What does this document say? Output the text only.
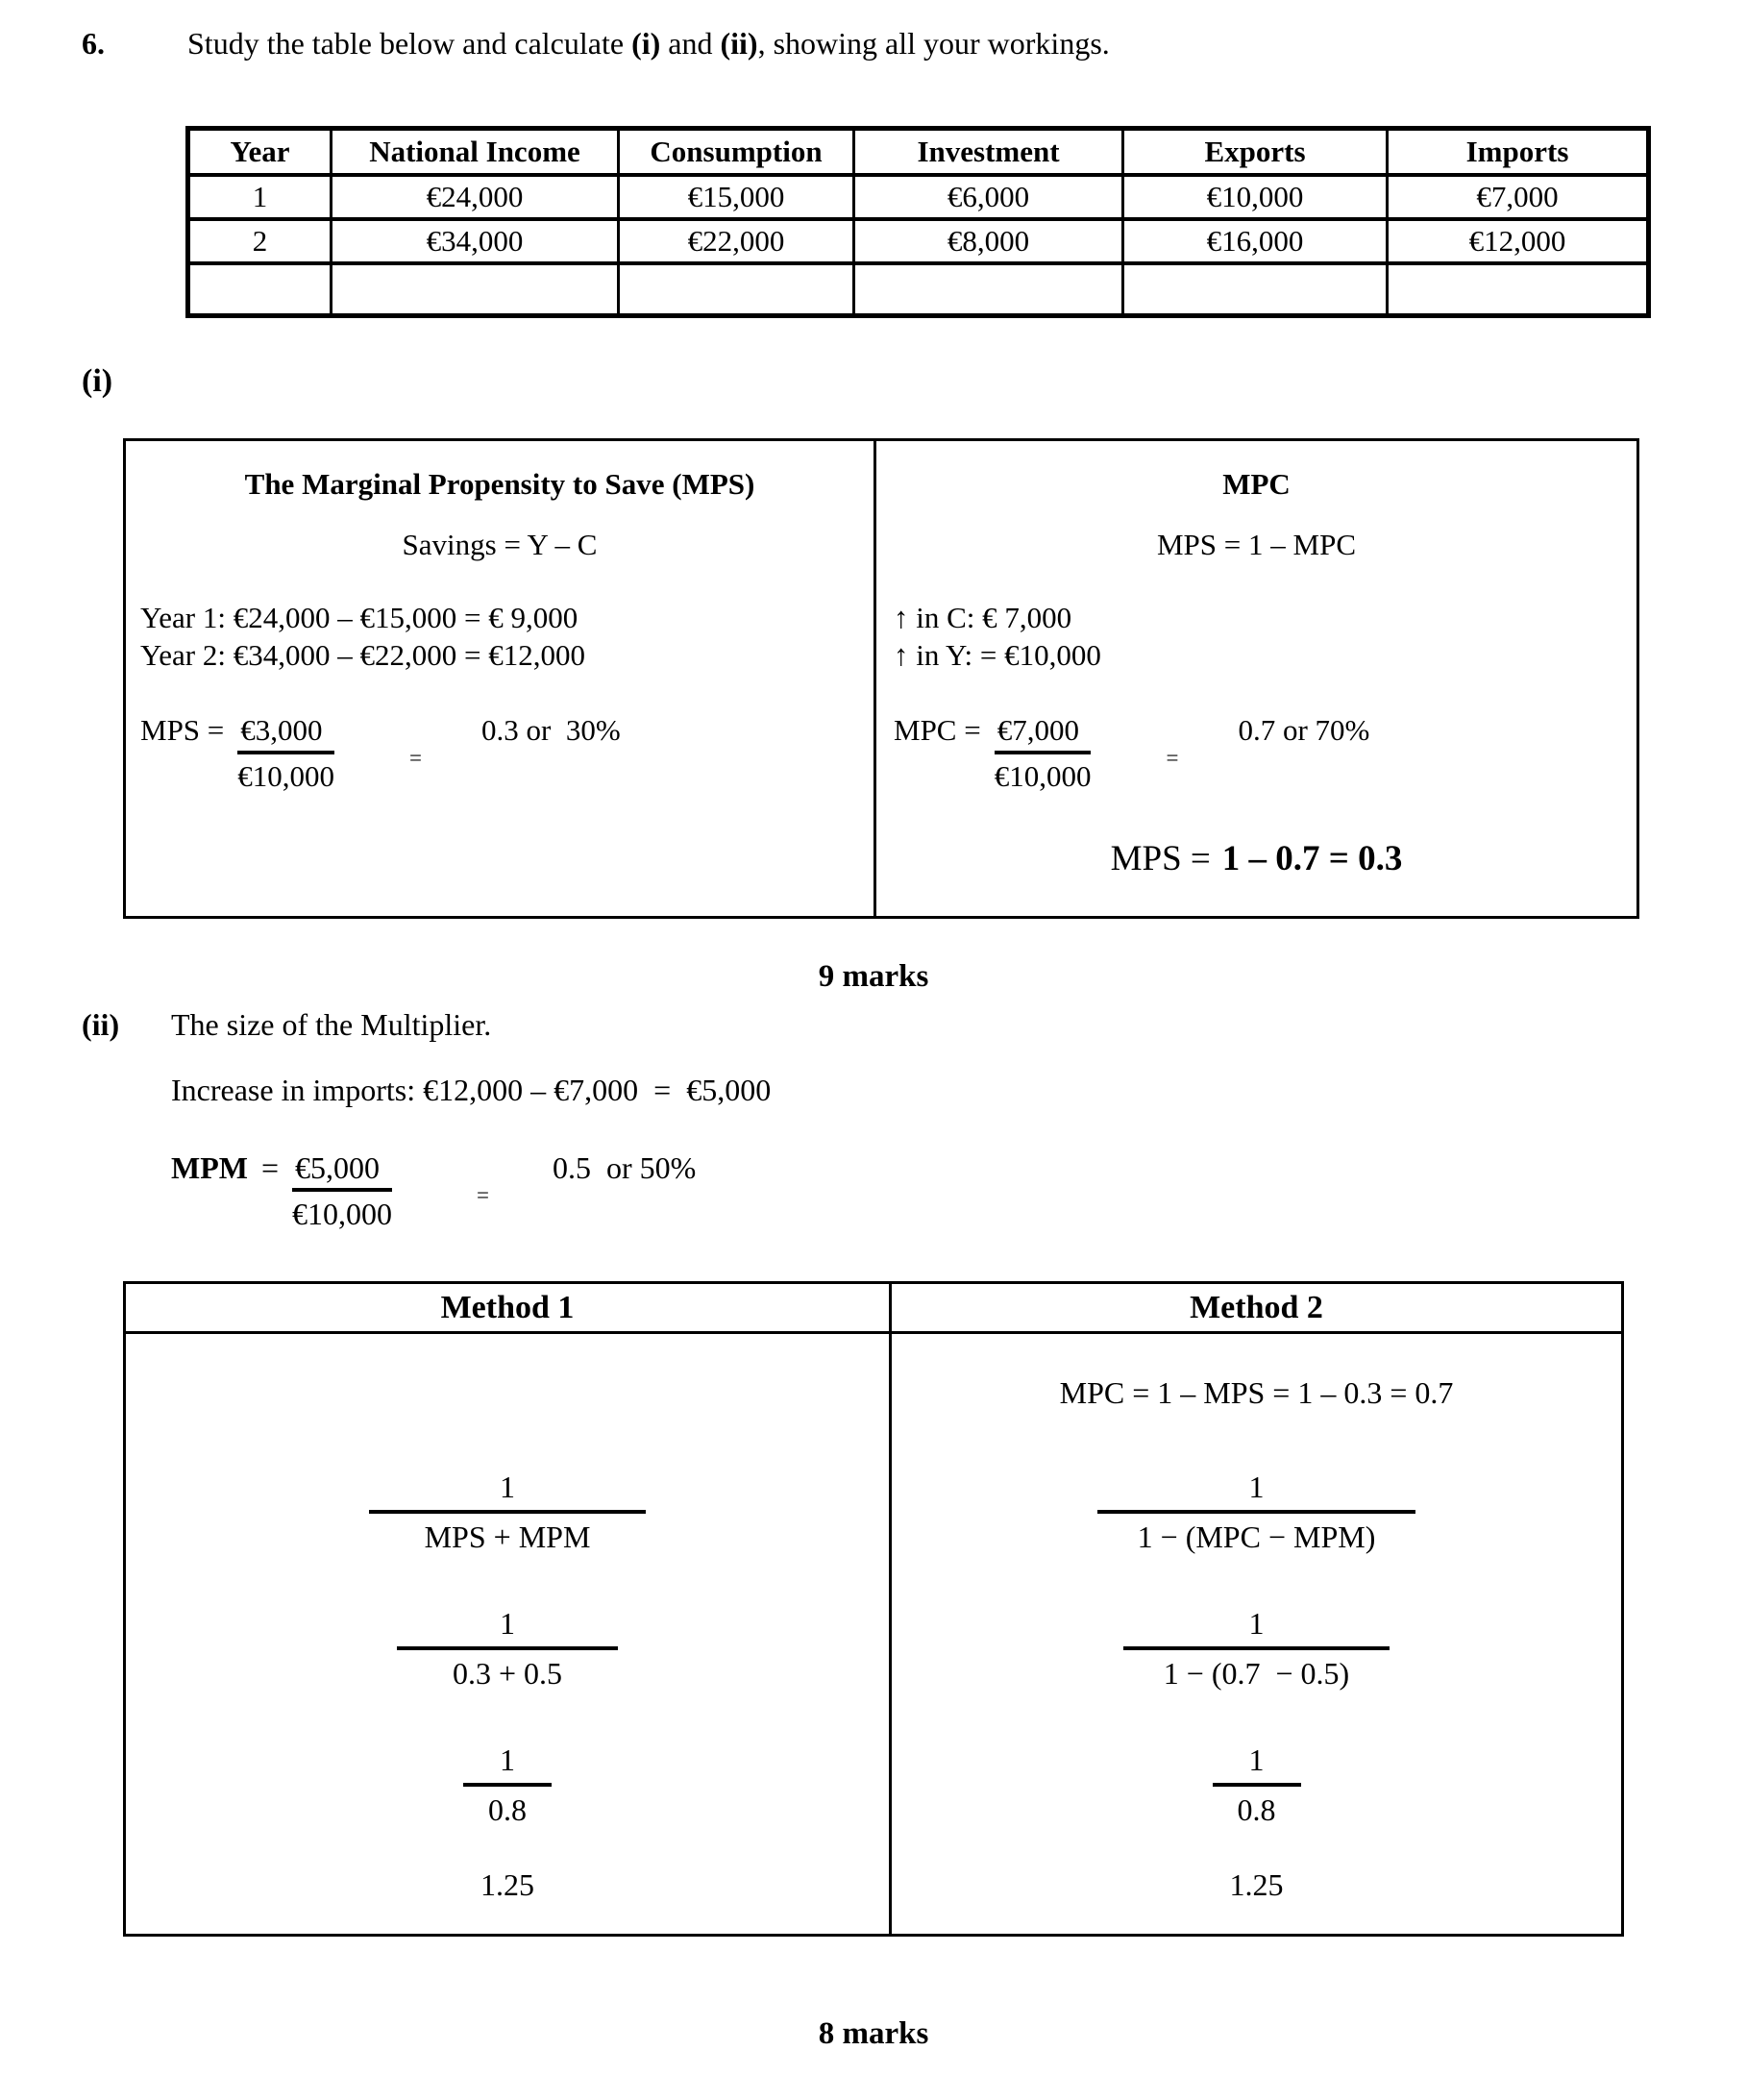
6.	Study the table below and calculate (i) and (ii), showing all your workings.
Year	National Income	Consumption	Investment	Exports	Imports
1	€24,000	€15,000	€6,000	€10,000	€7,000
2	€34,000	€22,000	€8,000	€16,000	€12,000

(i)
The Marginal Propensity to Save (MPS)
Savings = Y – C
Year 1: €24,000 – €15,000 = € 9,000
Year 2: €34,000 – €22,000 = €12,000
MPS = $\frac{€3,000}{€10,000}$	=
0.3 or  30%
MPC
MPS = 1 – MPC
↑ in C: € 7,000
↑ in Y: = €10,000
MPC = $\frac{€7,000}{€10,000}$	=
0.7 or 70%
MPS = 1 – 0.7 = 0.3
9 marks
(ii) The size of the Multiplier.
Increase in imports: €12,000 – €7,000  =  €5,000
MPM = $\frac{€5,000}{€10,000}$	=
0.5  or 50%
Method 1	Method 2
$\frac{1}{\text{MPS + MPM}}$
$\frac{1}{0.3 + 0.5}$
$\frac{1}{0.8}$
1.25
MPC = 1 – MPS = 1 – 0.3 = 0.7
$\frac{1}{\text{1 − (MPC − MPM)}}$
$\frac{1}{1 - (0.7 - 0.5)}$
$\frac{1}{0.8}$
1.25
8 marks
